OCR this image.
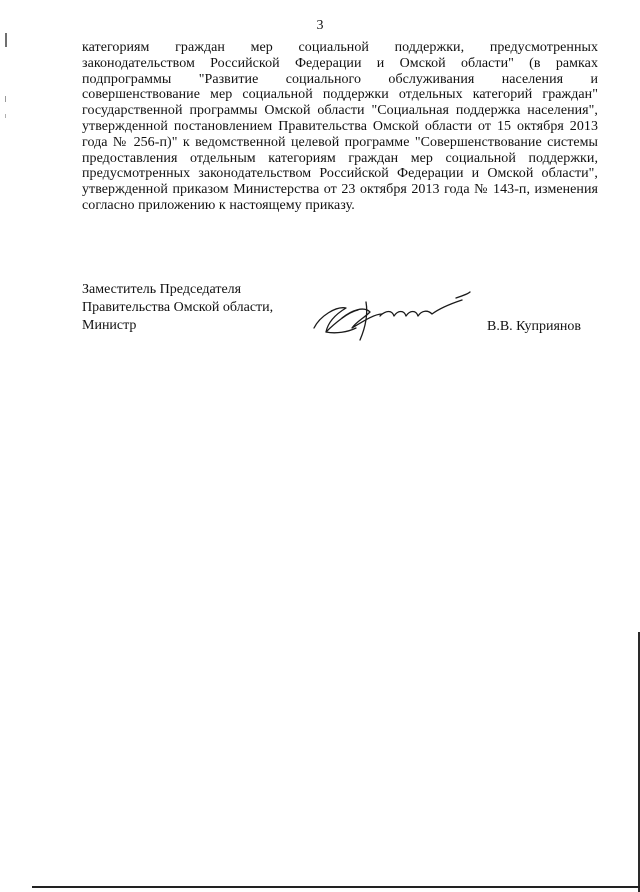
3

категориям граждан мер социальной поддержки, предусмотренных законодательством Российской Федерации и Омской области" (в рамках подпрограммы "Развитие социального обслуживания населения и совершенствование мер социальной поддержки отдельных категорий граждан" государственной программы Омской области "Социальная поддержка населения", утвержденной постановлением Правительства Омской области от 15 октября 2013 года № 256-п)" к ведомственной целевой программе "Совершенствование системы предоставления отдельным категориям граждан мер социальной поддержки, предусмотренных законодательством Российской Федерации и Омской области", утвержденной приказом Министерства от 23 октября 2013 года № 143-п, изменения согласно приложению к настоящему приказу.

Заместитель Председателя
Правительства Омской области,
Министр	В.В. Куприянов
